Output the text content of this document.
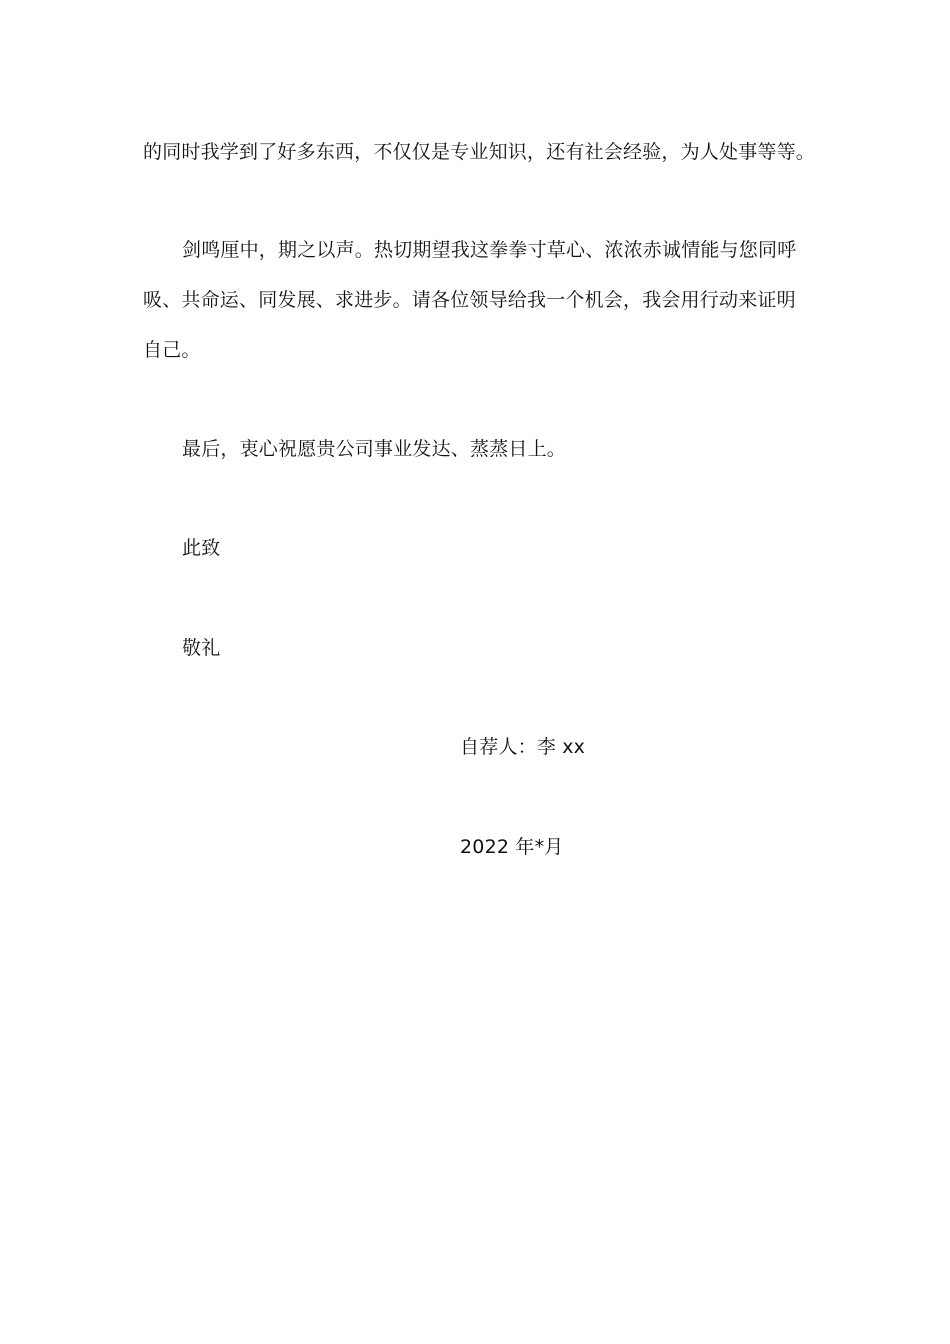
的同时我学到了好多东西，不仅仅是专业知识，还有社会经验，为人处事等等。
剑鸣厘中，期之以声。热切期望我这拳拳寸草心、浓浓赤诚情能与您同呼
吸、共命运、同发展、求进步。请各位领导给我一个机会，我会用行动来证明
自己。
最后，衷心祝愿贵公司事业发达、蒸蒸日上。
此致
敬礼
自荐人：李 xx
2022 年*月
